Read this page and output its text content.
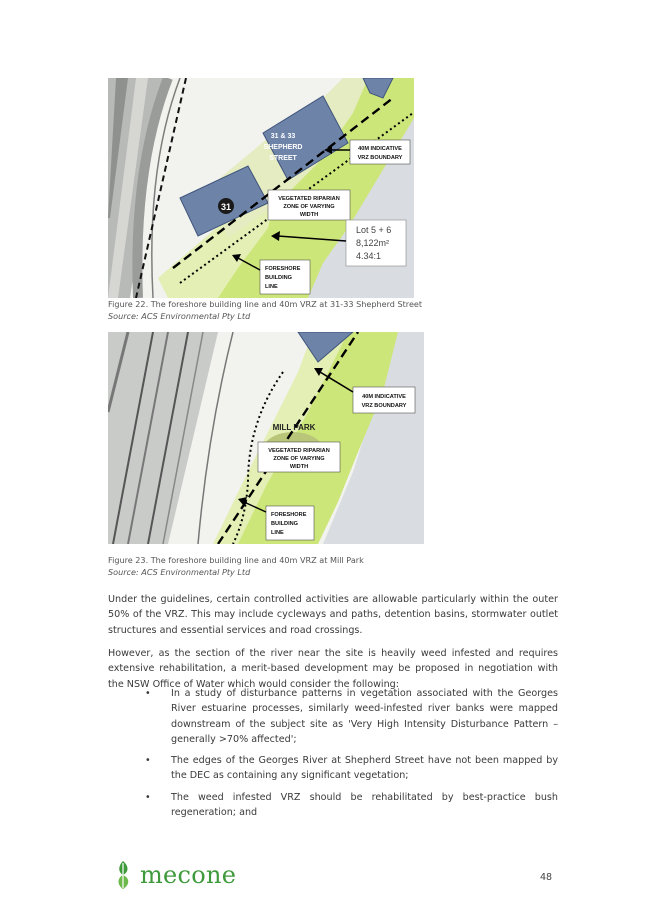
31
31 & 33
SHEPHERD
STREET
40M INDICATIVE
VRZ BOUNDARY
VEGETATED RIPARIAN
ZONE OF VARYING
WIDTH
Lot 5 + 6
8,122m²
4.34:1
FORESHORE
BUILDING
LINE
Figure 22. The foreshore building line and 40m VRZ at 31-33 Shepherd Street
Source: ACS Environmental Pty Ltd
40M INDICATIVE
VRZ BOUNDARY
MILL PARK
VEGETATED RIPARIAN
ZONE OF VARYING
WIDTH
FORESHORE
BUILDING
LINE
Figure 23. The foreshore building line and 40m VRZ at Mill Park
Source: ACS Environmental Pty Ltd
Under the guidelines, certain controlled activities are allowable particularly within the outer 50% of the VRZ. This may include cycleways and paths, detention basins, stormwater outlet structures and essential services and road crossings.
However, as the section of the river near the site is heavily weed infested and requires extensive rehabilitation, a merit-based development may be proposed in negotiation with the NSW Office of Water which would consider the following:
• In a study of disturbance patterns in vegetation associated with the Georges River estuarine processes, similarly weed-infested river banks were mapped downstream of the subject site as 'Very High Intensity Disturbance Pattern – generally >70% affected';
• The edges of the Georges River at Shepherd Street have not been mapped by the DEC as containing any significant vegetation;
• The weed infested VRZ should be rehabilitated by best-practice bush regeneration; and
mecone	48
